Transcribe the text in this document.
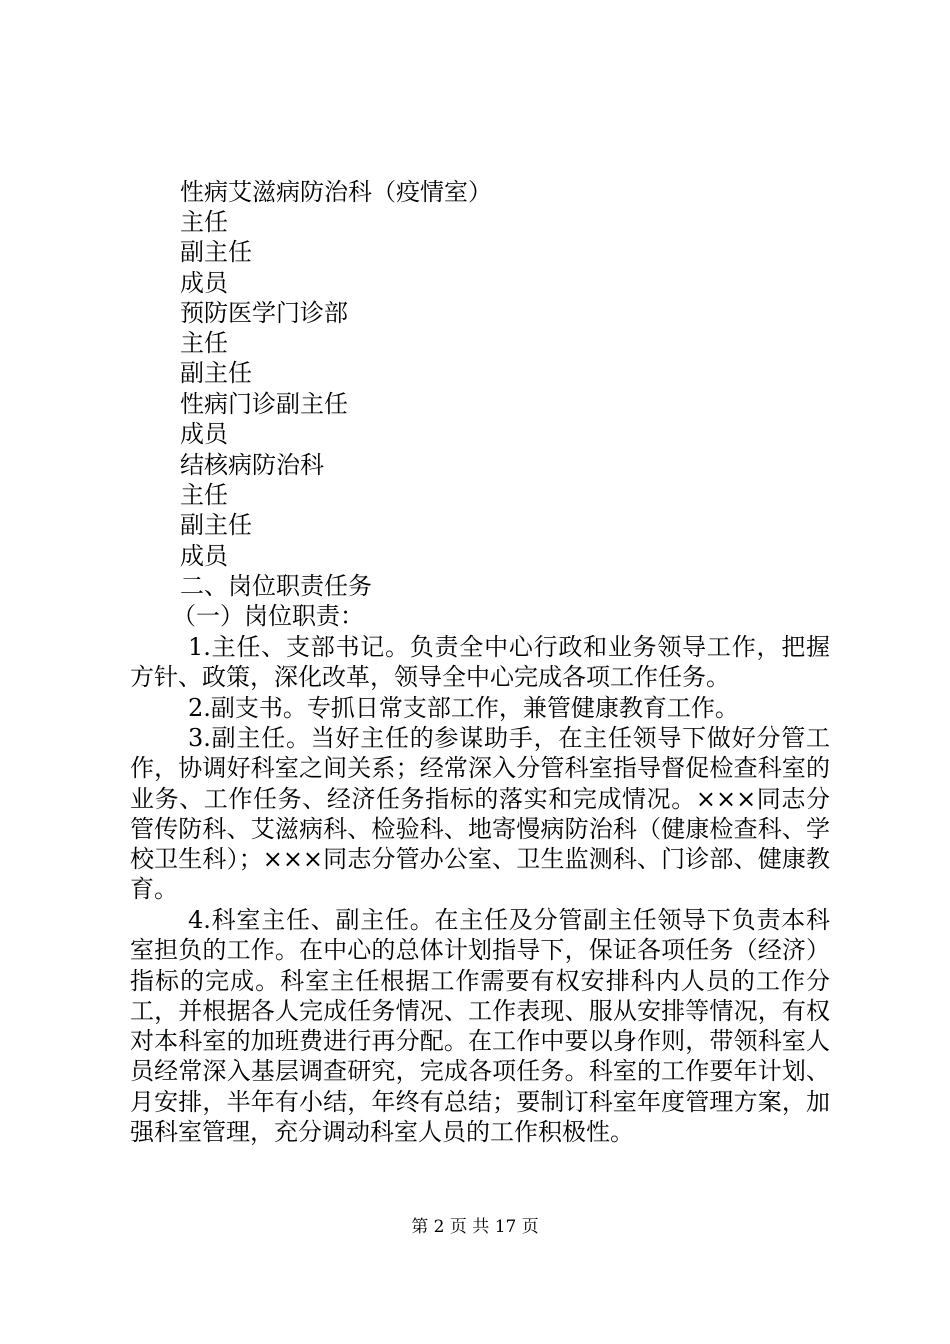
性病艾滋病防治科（疫情室）
主任
副主任
成员
预防医学门诊部
主任
副主任
性病门诊副主任
成员
结核病防治科
主任
副主任
成员
二、岗位职责任务
（一）岗位职责：

1.主任、支部书记。负责全中心行政和业务领导工作，把握方针、政策，深化改革，领导全中心完成各项工作任务。

2.副支书。专抓日常支部工作，兼管健康教育工作。

3.副主任。当好主任的参谋助手，在主任领导下做好分管工作，协调好科室之间关系；经常深入分管科室指导督促检查科室的业务、工作任务、经济任务指标的落实和完成情况。×××同志分管传防科、艾滋病科、检验科、地寄慢病防治科（健康检查科、学校卫生科）；×××同志分管办公室、卫生监测科、门诊部、健康教育。

4.科室主任、副主任。在主任及分管副主任领导下负责本科室担负的工作。在中心的总体计划指导下，保证各项任务（经济）指标的完成。科室主任根据工作需要有权安排科内人员的工作分工，并根据各人完成任务情况、工作表现、服从安排等情况，有权对本科室的加班费进行再分配。在工作中要以身作则，带领科室人员经常深入基层调查研究，完成各项任务。科室的工作要年计划、月安排，半年有小结，年终有总结；要制订科室年度管理方案，加强科室管理，充分调动科室人员的工作积极性。

第 2 页 共 17 页
